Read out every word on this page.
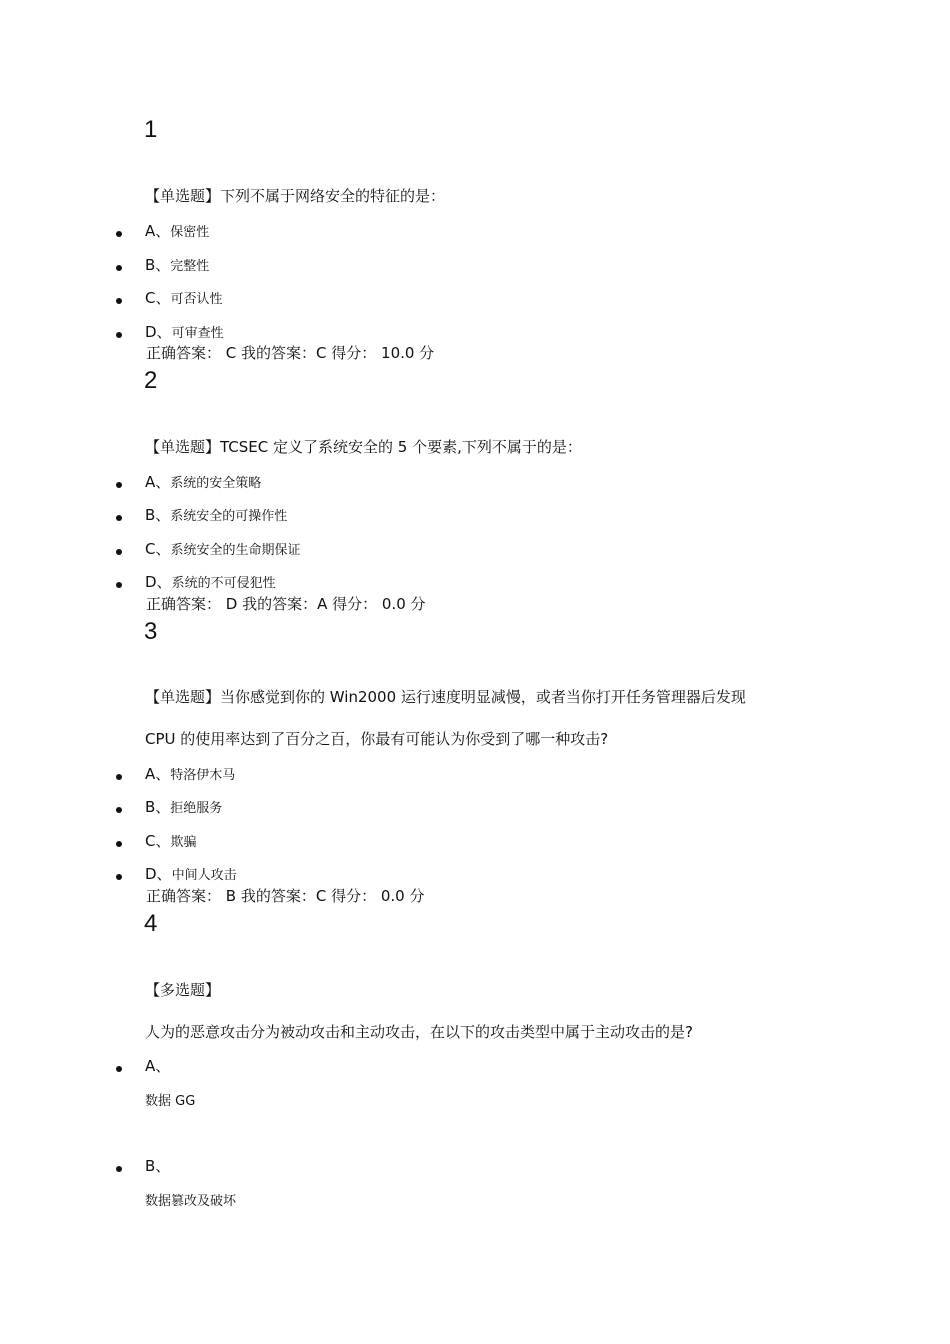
1
【单选题】下列不属于网络安全的特征的是：
A、保密性
B、完整性
C、可否认性
D、可审查性
正确答案： C 我的答案：C 得分： 10.0 分
2
【单选题】TCSEC 定义了系统安全的 5 个要素,下列不属于的是：
A、系统的安全策略
B、系统安全的可操作性
C、系统安全的生命期保证
D、系统的不可侵犯性
正确答案： D 我的答案：A 得分： 0.0 分
3
【单选题】当你感觉到你的 Win2000 运行速度明显减慢，或者当你打开任务管理器后发现
CPU 的使用率达到了百分之百，你最有可能认为你受到了哪一种攻击?
A、特洛伊木马
B、拒绝服务
C、欺骗
D、中间人攻击
正确答案： B 我的答案：C 得分： 0.0 分
4
【多选题】
人为的恶意攻击分为被动攻击和主动攻击，在以下的攻击类型中属于主动攻击的是?
A、
数据 GG
B、
数据篡改及破坏
